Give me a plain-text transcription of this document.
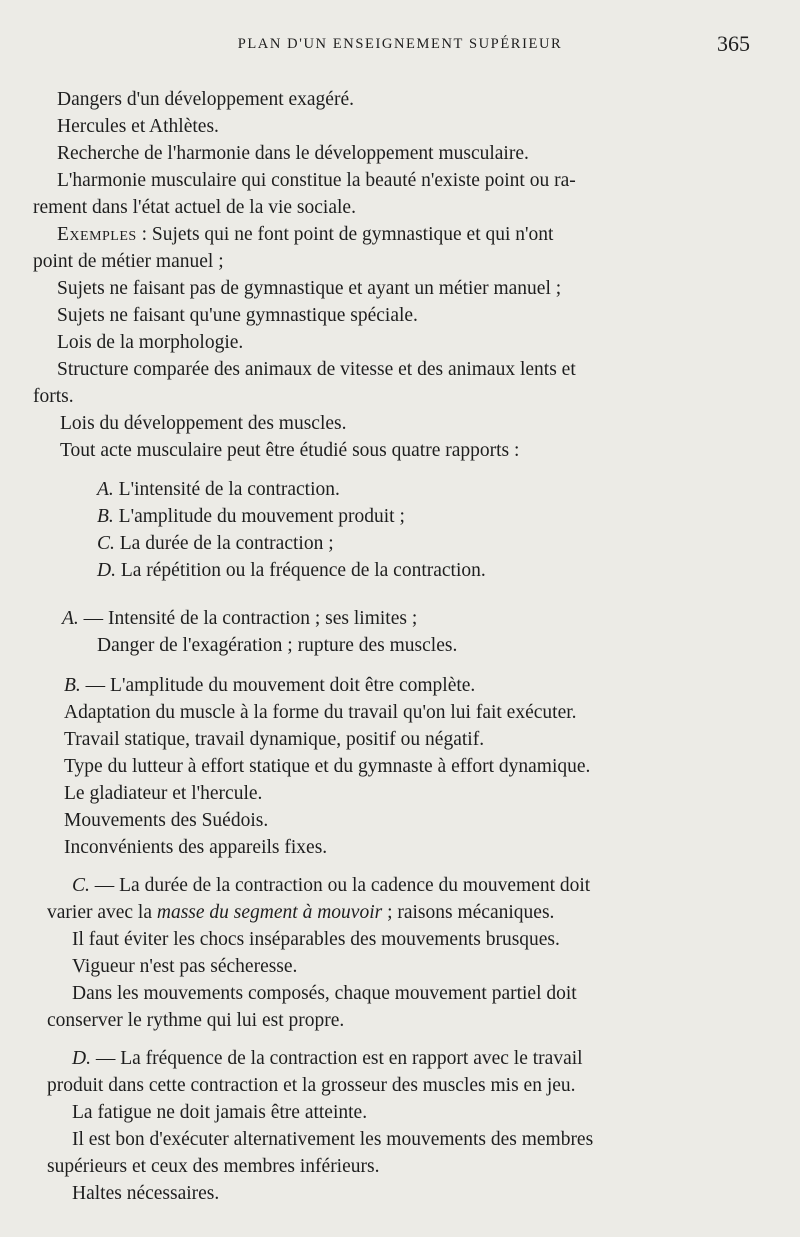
PLAN D'UN ENSEIGNEMENT SUPÉRIEUR	365
Dangers d'un développement exagéré.
Hercules et Athlètes.
Recherche de l'harmonie dans le développement musculaire.
L'harmonie musculaire qui constitue la beauté n'existe point ou ra-
rement dans l'état actuel de la vie sociale.
Exemples : Sujets qui ne font point de gymnastique et qui n'ont
point de métier manuel ;
Sujets ne faisant pas de gymnastique et ayant un métier manuel ;
Sujets ne faisant qu'une gymnastique spéciale.
Lois de la morphologie.
Structure comparée des animaux de vitesse et des animaux lents et
forts.
Lois du développement des muscles.
Tout acte musculaire peut être étudié sous quatre rapports :
A. L'intensité de la contraction.
B. L'amplitude du mouvement produit ;
C. La durée de la contraction ;
D. La répétition ou la fréquence de la contraction.
A. — Intensité de la contraction ; ses limites ;
Danger de l'exagération ; rupture des muscles.
B. — L'amplitude du mouvement doit être complète.
Adaptation du muscle à la forme du travail qu'on lui fait exécuter.
Travail statique, travail dynamique, positif ou négatif.
Type du lutteur à effort statique et du gymnaste à effort dynamique.
Le gladiateur et l'hercule.
Mouvements des Suédois.
Inconvénients des appareils fixes.
C. — La durée de la contraction ou la cadence du mouvement doit
varier avec la masse du segment à mouvoir ; raisons mécaniques.
Il faut éviter les chocs inséparables des mouvements brusques.
Vigueur n'est pas sécheresse.
Dans les mouvements composés, chaque mouvement partiel doit
conserver le rythme qui lui est propre.
D. — La fréquence de la contraction est en rapport avec le travail
produit dans cette contraction et la grosseur des muscles mis en jeu.
La fatigue ne doit jamais être atteinte.
Il est bon d'exécuter alternativement les mouvements des membres
supérieurs et ceux des membres inférieurs.
Haltes nécessaires.
